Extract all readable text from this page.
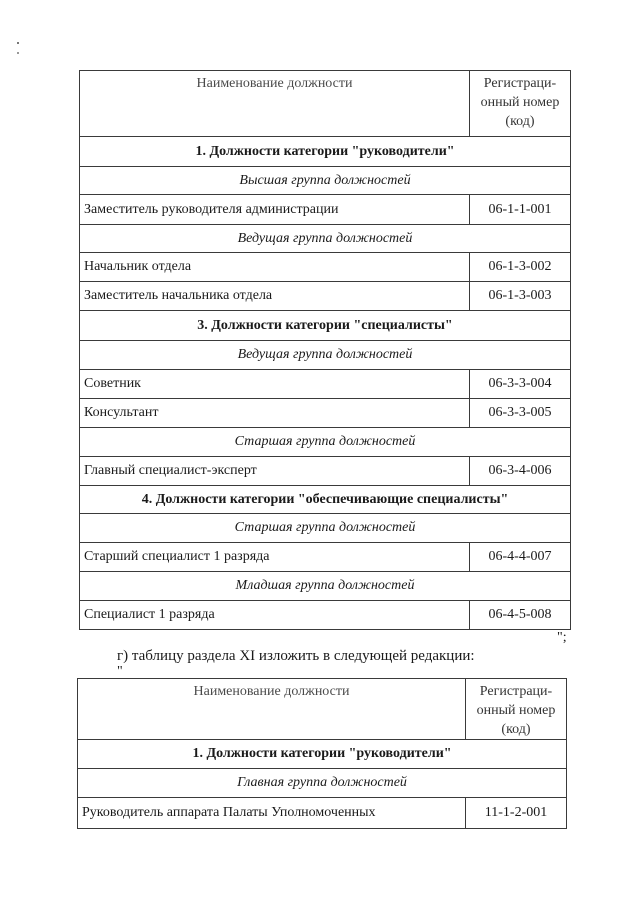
Наименование должности	Регистраци-онный номер (код)
1. Должности категории "руководители"	
Высшая группа должностей	
Заместитель руководителя администрации	06-1-1-001
Ведущая группа должностей	
Начальник отдела	06-1-3-002
Заместитель начальника отдела	06-1-3-003
3. Должности категории "специалисты"	
Ведущая группа должностей	
Советник	06-3-3-004
Консультант	06-3-3-005
Старшая группа должностей	
Главный специалист-эксперт	06-3-4-006
4. Должности категории "обеспечивающие специалисты"	
Старшая группа должностей	
Старший специалист 1 разряда	06-4-4-007
Младшая группа должностей	
Специалист 1 разряда	06-4-5-008
";
г) таблицу раздела XI изложить в следующей редакции:
"
Наименование должности	Регистраци-онный номер (код)
1. Должности категории "руководители"	
Главная группа должностей	
Руководитель аппарата Палаты Уполномоченных	11-1-2-001
